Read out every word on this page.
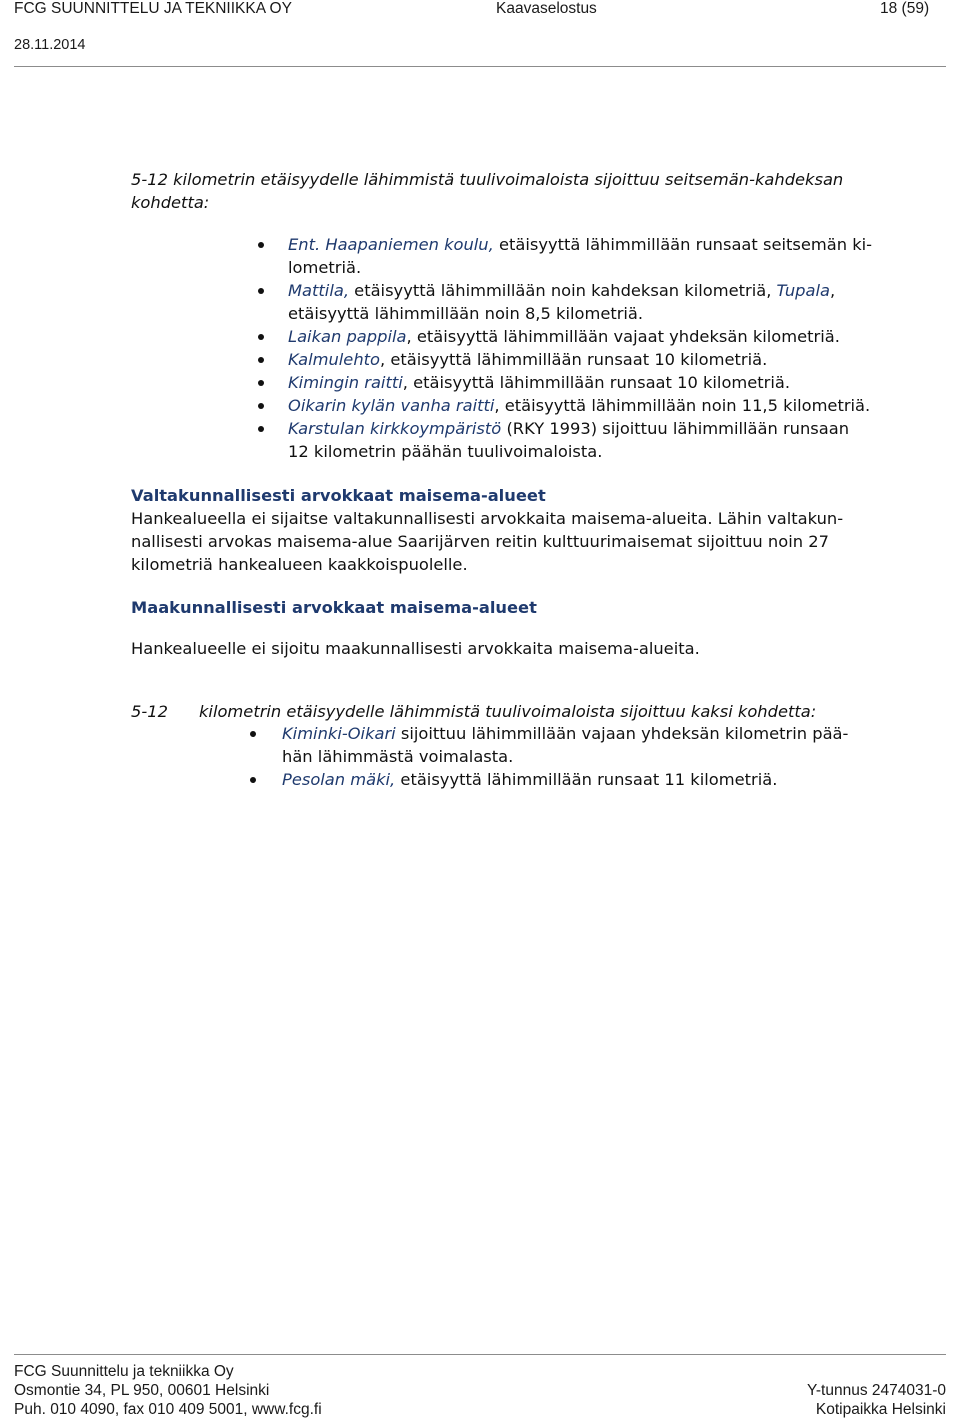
FCG SUUNNITTELU JA TEKNIIKKA OY	Kaavaselostus	18 (59)
28.11.2014
5-12 kilometrin etäisyydelle lähimmistä tuulivoimaloista sijoittuu seitsemän-kahdeksan
kohdetta:
Ent. Haapaniemen koulu, etäisyyttä lähimmillään runsaat seitsemän ki-
lometriä.
Mattila, etäisyyttä lähimmillään noin kahdeksan kilometriä, Tupala,
etäisyyttä lähimmillään noin 8,5 kilometriä.
Laikan pappila, etäisyyttä lähimmillään vajaat yhdeksän kilometriä.
Kalmulehto, etäisyyttä lähimmillään runsaat 10 kilometriä.
Kimingin raitti, etäisyyttä lähimmillään runsaat 10 kilometriä.
Oikarin kylän vanha raitti, etäisyyttä lähimmillään noin 11,5 kilometriä.
Karstulan kirkkoympäristö (RKY 1993) sijoittuu lähimmillään runsaan
12 kilometrin päähän tuulivoimaloista.
Valtakunnallisesti arvokkaat maisema-alueet
Hankealueella ei sijaitse valtakunnallisesti arvokkaita maisema-alueita. Lähin valtakun-
nallisesti arvokas maisema-alue Saarijärven reitin kulttuurimaisemat sijoittuu noin 27
kilometriä hankealueen kaakkoispuolelle.
Maakunnallisesti arvokkaat maisema-alueet
Hankealueelle ei sijoitu maakunnallisesti arvokkaita maisema-alueita.
5-12 kilometrin etäisyydelle lähimmistä tuulivoimaloista sijoittuu kaksi kohdetta:
Kiminki-Oikari sijoittuu lähimmillään vajaan yhdeksän kilometrin pää-
hän lähimmästä voimalasta.
Pesolan mäki, etäisyyttä lähimmillään runsaat 11 kilometriä.
FCG Suunnittelu ja tekniikka Oy
Osmontie 34, PL 950, 00601 Helsinki
Puh. 010 4090, fax 010 409 5001, www.fcg.fi
Y-tunnus 2474031-0
Kotipaikka Helsinki
